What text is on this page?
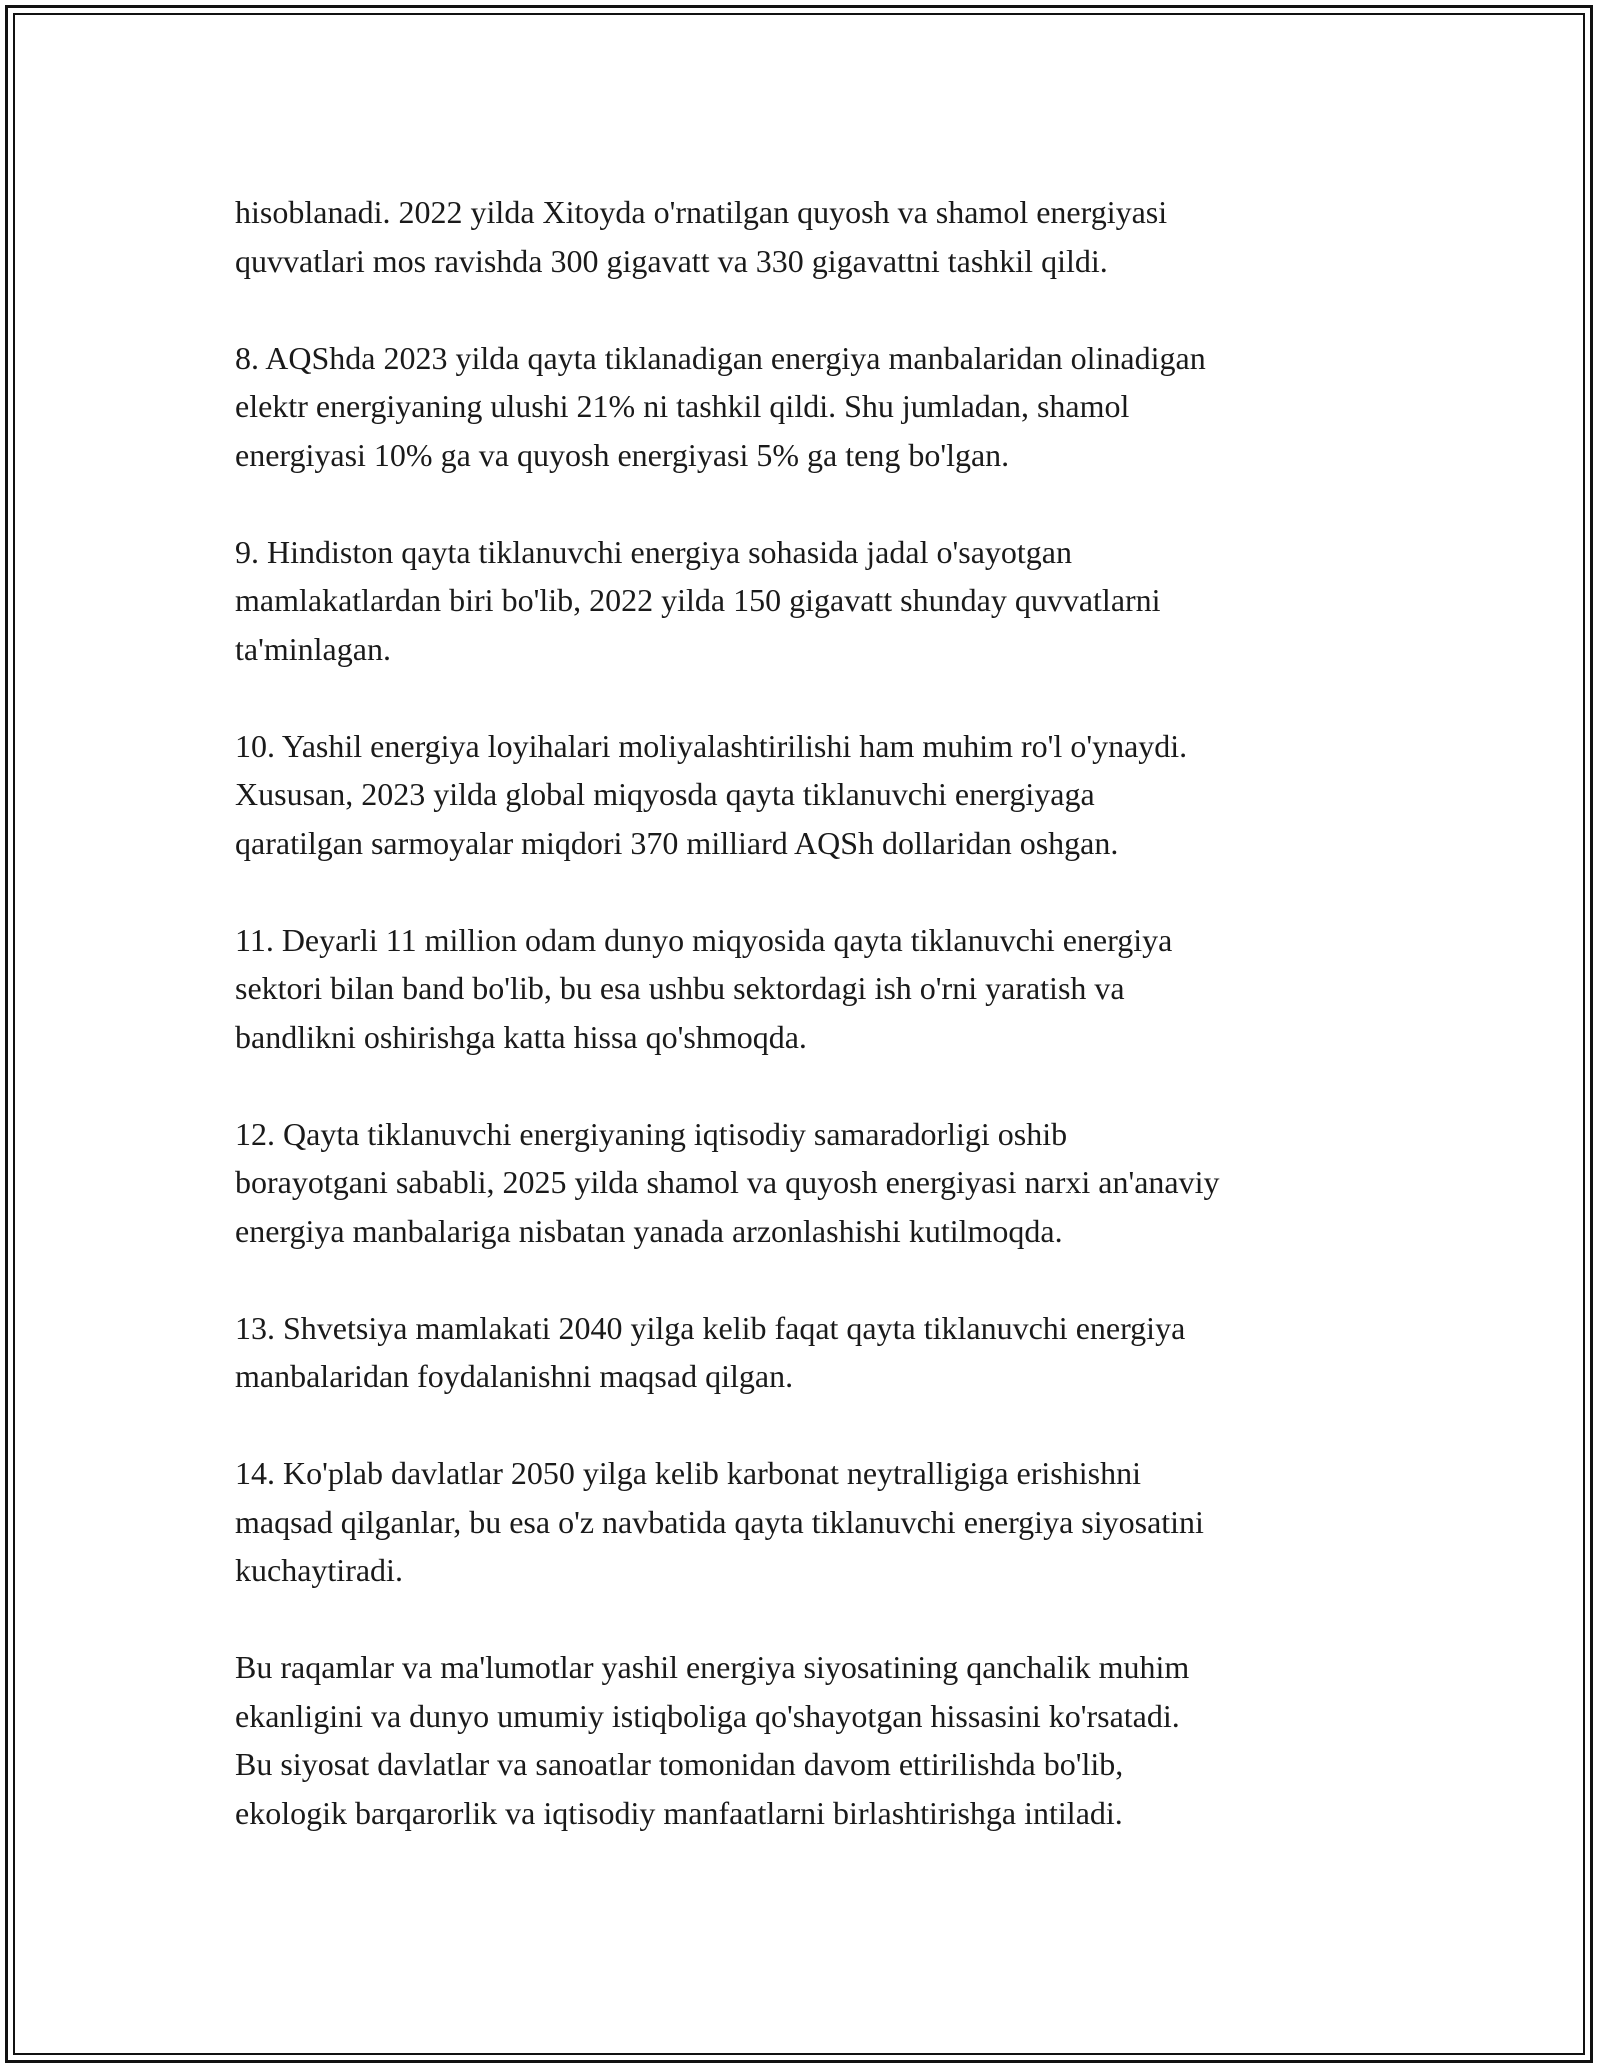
hisoblanadi. 2022 yilda Xitoyda o'rnatilgan quyosh va shamol energiyasi
quvvatlari mos ravishda 300 gigavatt va 330 gigavattni tashkil qildi.

8. AQShda 2023 yilda qayta tiklanadigan energiya manbalaridan olinadigan
elektr energiyaning ulushi 21% ni tashkil qildi. Shu jumladan, shamol
energiyasi 10% ga va quyosh energiyasi 5% ga teng bo'lgan.

9. Hindiston qayta tiklanuvchi energiya sohasida jadal o'sayotgan
mamlakatlardan biri bo'lib, 2022 yilda 150 gigavatt shunday quvvatlarni
ta'minlagan.

10. Yashil energiya loyihalari moliyalashtirilishi ham muhim ro'l o'ynaydi.
Xususan, 2023 yilda global miqyosda qayta tiklanuvchi energiyaga
qaratilgan sarmoyalar miqdori 370 milliard AQSh dollaridan oshgan.

11. Deyarli 11 million odam dunyo miqyosida qayta tiklanuvchi energiya
sektori bilan band bo'lib, bu esa ushbu sektordagi ish o'rni yaratish va
bandlikni oshirishga katta hissa qo'shmoqda.

12. Qayta tiklanuvchi energiyaning iqtisodiy samaradorligi oshib
borayotgani sababli, 2025 yilda shamol va quyosh energiyasi narxi an'anaviy
energiya manbalariga nisbatan yanada arzonlashishi kutilmoqda.

13. Shvetsiya mamlakati 2040 yilga kelib faqat qayta tiklanuvchi energiya
manbalaridan foydalanishni maqsad qilgan.

14. Ko'plab davlatlar 2050 yilga kelib karbonat neytralligiga erishishni
maqsad qilganlar, bu esa o'z navbatida qayta tiklanuvchi energiya siyosatini
kuchaytiradi.

Bu raqamlar va ma'lumotlar yashil energiya siyosatining qanchalik muhim
ekanligini va dunyo umumiy istiqboliga qo'shayotgan hissasini ko'rsatadi.
Bu siyosat davlatlar va sanoatlar tomonidan davom ettirilishda bo'lib,
ekologik barqarorlik va iqtisodiy manfaatlarni birlashtirishga intiladi.
